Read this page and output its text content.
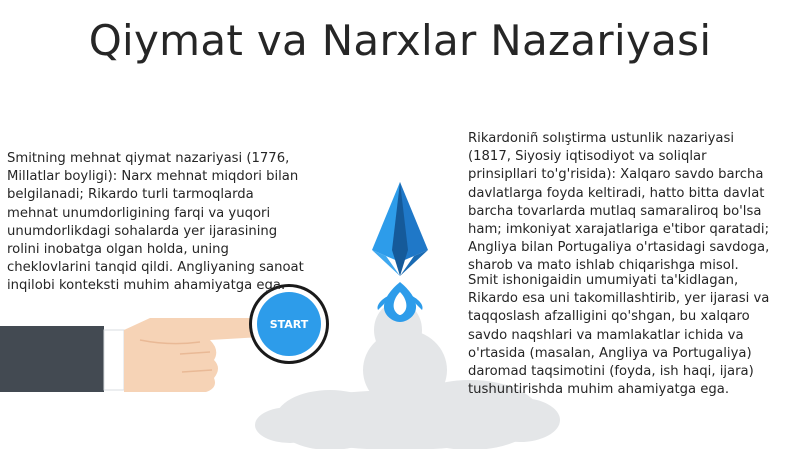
Qiymat va Narxlar Nazariyasi
START
Smitning mehnat qiymat nazariyasi (1776, Millatlar boyligi): Narx mehnat miqdori bilan belgilanadi; Rikardo turli tarmoqlarda mehnat unumdorligining farqi va yuqori unumdorlikdagi sohalarda yer ijarasining rolini inobatga olgan holda, uning cheklovlarini tanqid qildi. Angliyaning sanoat inqilobi konteksti muhim ahamiyatga ega.
Rikardoniñ solıştirma ustunlik nazariyasi (1817, Siyosiy iqtisodiyot va soliqlar prinsipllari to'g'risida): Xalqaro savdo barcha davlatlarga foyda keltiradi, hatto bitta davlat barcha tovarlarda mutlaq samaraliroq bo'lsa ham; imkoniyat xarajatlariga e'tibor qaratadi; Angliya bilan Portugaliya o'rtasidagi savdoga, sharob va mato ishlab chiqarishga misol.
Smit ishonigaidin umumiyati ta'kidlagan, Rikardo esa uni takomillashtirib, yer ijarasi va taqqoslash afzalligini qo'shgan, bu xalqaro savdo naqshlari va mamlakatlar ichida va o'rtasida (masalan, Angliya va Portugaliya) daromad taqsimotini (foyda, ish haqi, ijara) tushuntirishda muhim ahamiyatga ega.
